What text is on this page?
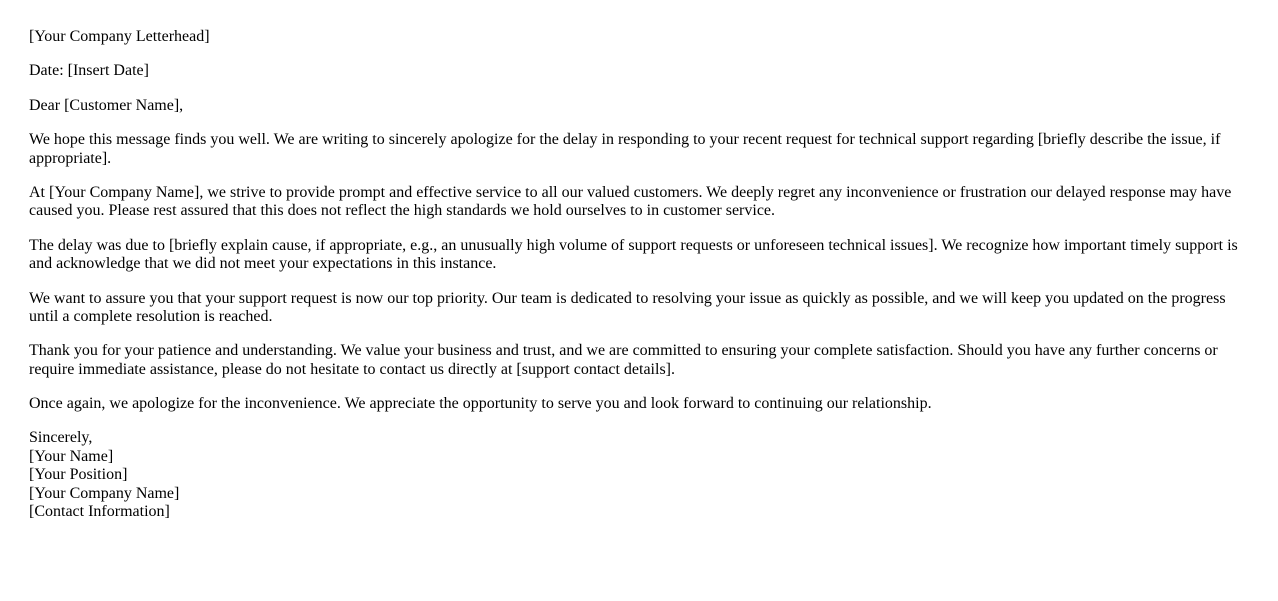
[Your Company Letterhead]

Date: [Insert Date]

Dear [Customer Name],

We hope this message finds you well. We are writing to sincerely apologize for the delay in responding to your recent request for technical support regarding [briefly describe the issue, if appropriate].

At [Your Company Name], we strive to provide prompt and effective service to all our valued customers. We deeply regret any inconvenience or frustration our delayed response may have caused you. Please rest assured that this does not reflect the high standards we hold ourselves to in customer service.

The delay was due to [briefly explain cause, if appropriate, e.g., an unusually high volume of support requests or unforeseen technical issues]. We recognize how important timely support is and acknowledge that we did not meet your expectations in this instance.

We want to assure you that your support request is now our top priority. Our team is dedicated to resolving your issue as quickly as possible, and we will keep you updated on the progress until a complete resolution is reached.

Thank you for your patience and understanding. We value your business and trust, and we are committed to ensuring your complete satisfaction. Should you have any further concerns or require immediate assistance, please do not hesitate to contact us directly at [support contact details].

Once again, we apologize for the inconvenience. We appreciate the opportunity to serve you and look forward to continuing our relationship.

Sincerely,
[Your Name]
[Your Position]
[Your Company Name]
[Contact Information]
